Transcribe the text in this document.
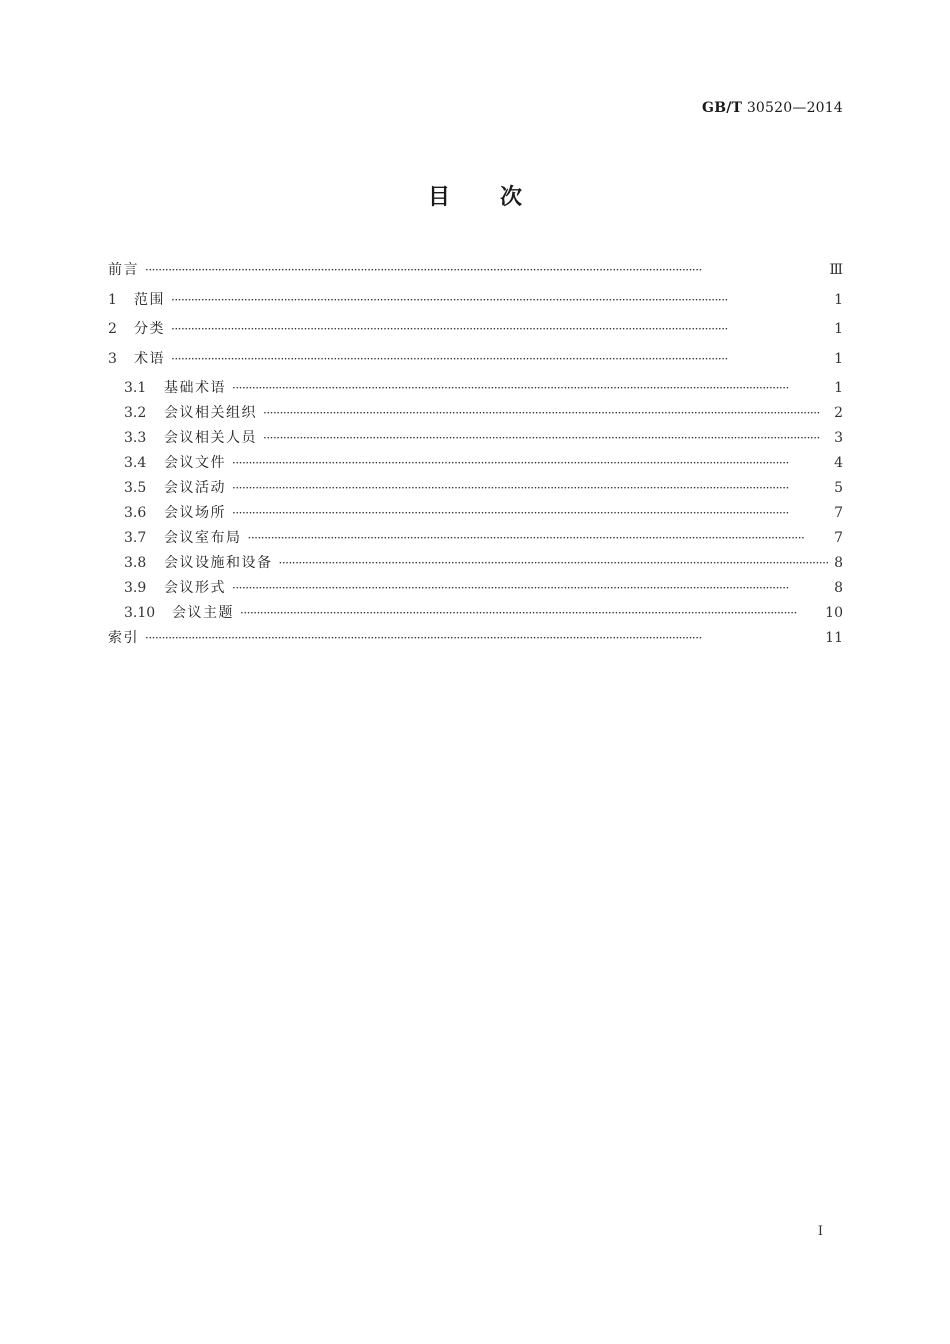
GB/T 30520—2014
目次
前言 ·····	Ⅲ
1	范围 ·····	1
2	分类 ·····	1
3	术语 ·····	1
3.1	基础术语 ·····	1
3.2	会议相关组织 ·····	2
3.3	会议相关人员 ·····	3
3.4	会议文件 ·····	4
3.5	会议活动 ·····	5
3.6	会议场所 ·····	7
3.7	会议室布局 ·····	7
3.8	会议设施和设备 ·····	8
3.9	会议形式 ·····	8
3.10	会议主题 ·····	10
索引 ·····	11
I
